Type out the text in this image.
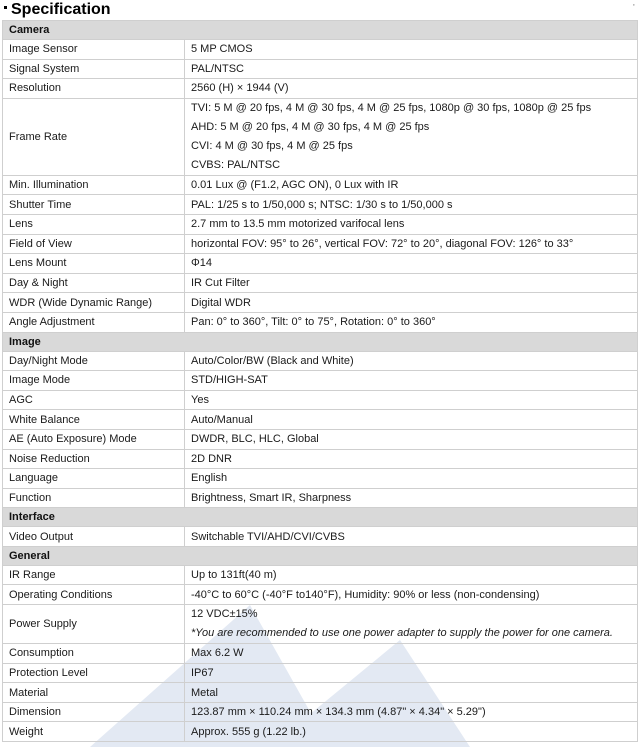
Specification	,
Camera	
Image Sensor	5 MP CMOS
Signal System	PAL/NTSC
Resolution	2560 (H) × 1944 (V)
Frame Rate	TVI: 5 M @ 20 fps, 4 M @ 30 fps, 4 M @ 25 fps, 1080p @ 30 fps, 1080p @ 25 fps
AHD: 5 M @ 20 fps, 4 M @ 30 fps, 4 M @ 25 fps
CVI: 4 M @ 30 fps, 4 M @ 25 fps
CVBS: PAL/NTSC

Min. Illumination	0.01 Lux @ (F1.2, AGC ON), 0 Lux with IR
Shutter Time	PAL: 1/25 s to 1/50,000 s; NTSC: 1/30 s to 1/50,000 s
Lens	2.7 mm to 13.5 mm motorized varifocal lens
Field of View	horizontal FOV: 95° to 26°, vertical FOV: 72° to 20°, diagonal FOV: 126° to 33°
Lens Mount	Φ14
Day & Night	IR Cut Filter
WDR (Wide Dynamic Range)	Digital WDR
Angle Adjustment	Pan: 0° to 360°, Tilt: 0° to 75°, Rotation: 0° to 360°
Image	
Day/Night Mode	Auto/Color/BW (Black and White)
Image Mode	STD/HIGH-SAT
AGC	Yes
White Balance	Auto/Manual
AE (Auto Exposure) Mode	DWDR, BLC, HLC, Global
Noise Reduction	2D DNR
Language	English
Function	Brightness, Smart IR, Sharpness
Interface	
Video Output	Switchable TVI/AHD/CVI/CVBS
General	
IR Range	Up to 131ft(40 m)
Operating Conditions	-40°C to 60°C (-40°F to140°F), Humidity: 90% or less (non-condensing)
Power Supply	12 VDC±15%
*You are recommended to use one power adapter to supply the power for one camera.

Consumption	Max 6.2 W
Protection Level	IP67
Material	Metal
Dimension	123.87 mm × 110.24 mm × 134.3 mm (4.87" × 4.34" × 5.29")
Weight	Approx. 555 g (1.22 lb.)
